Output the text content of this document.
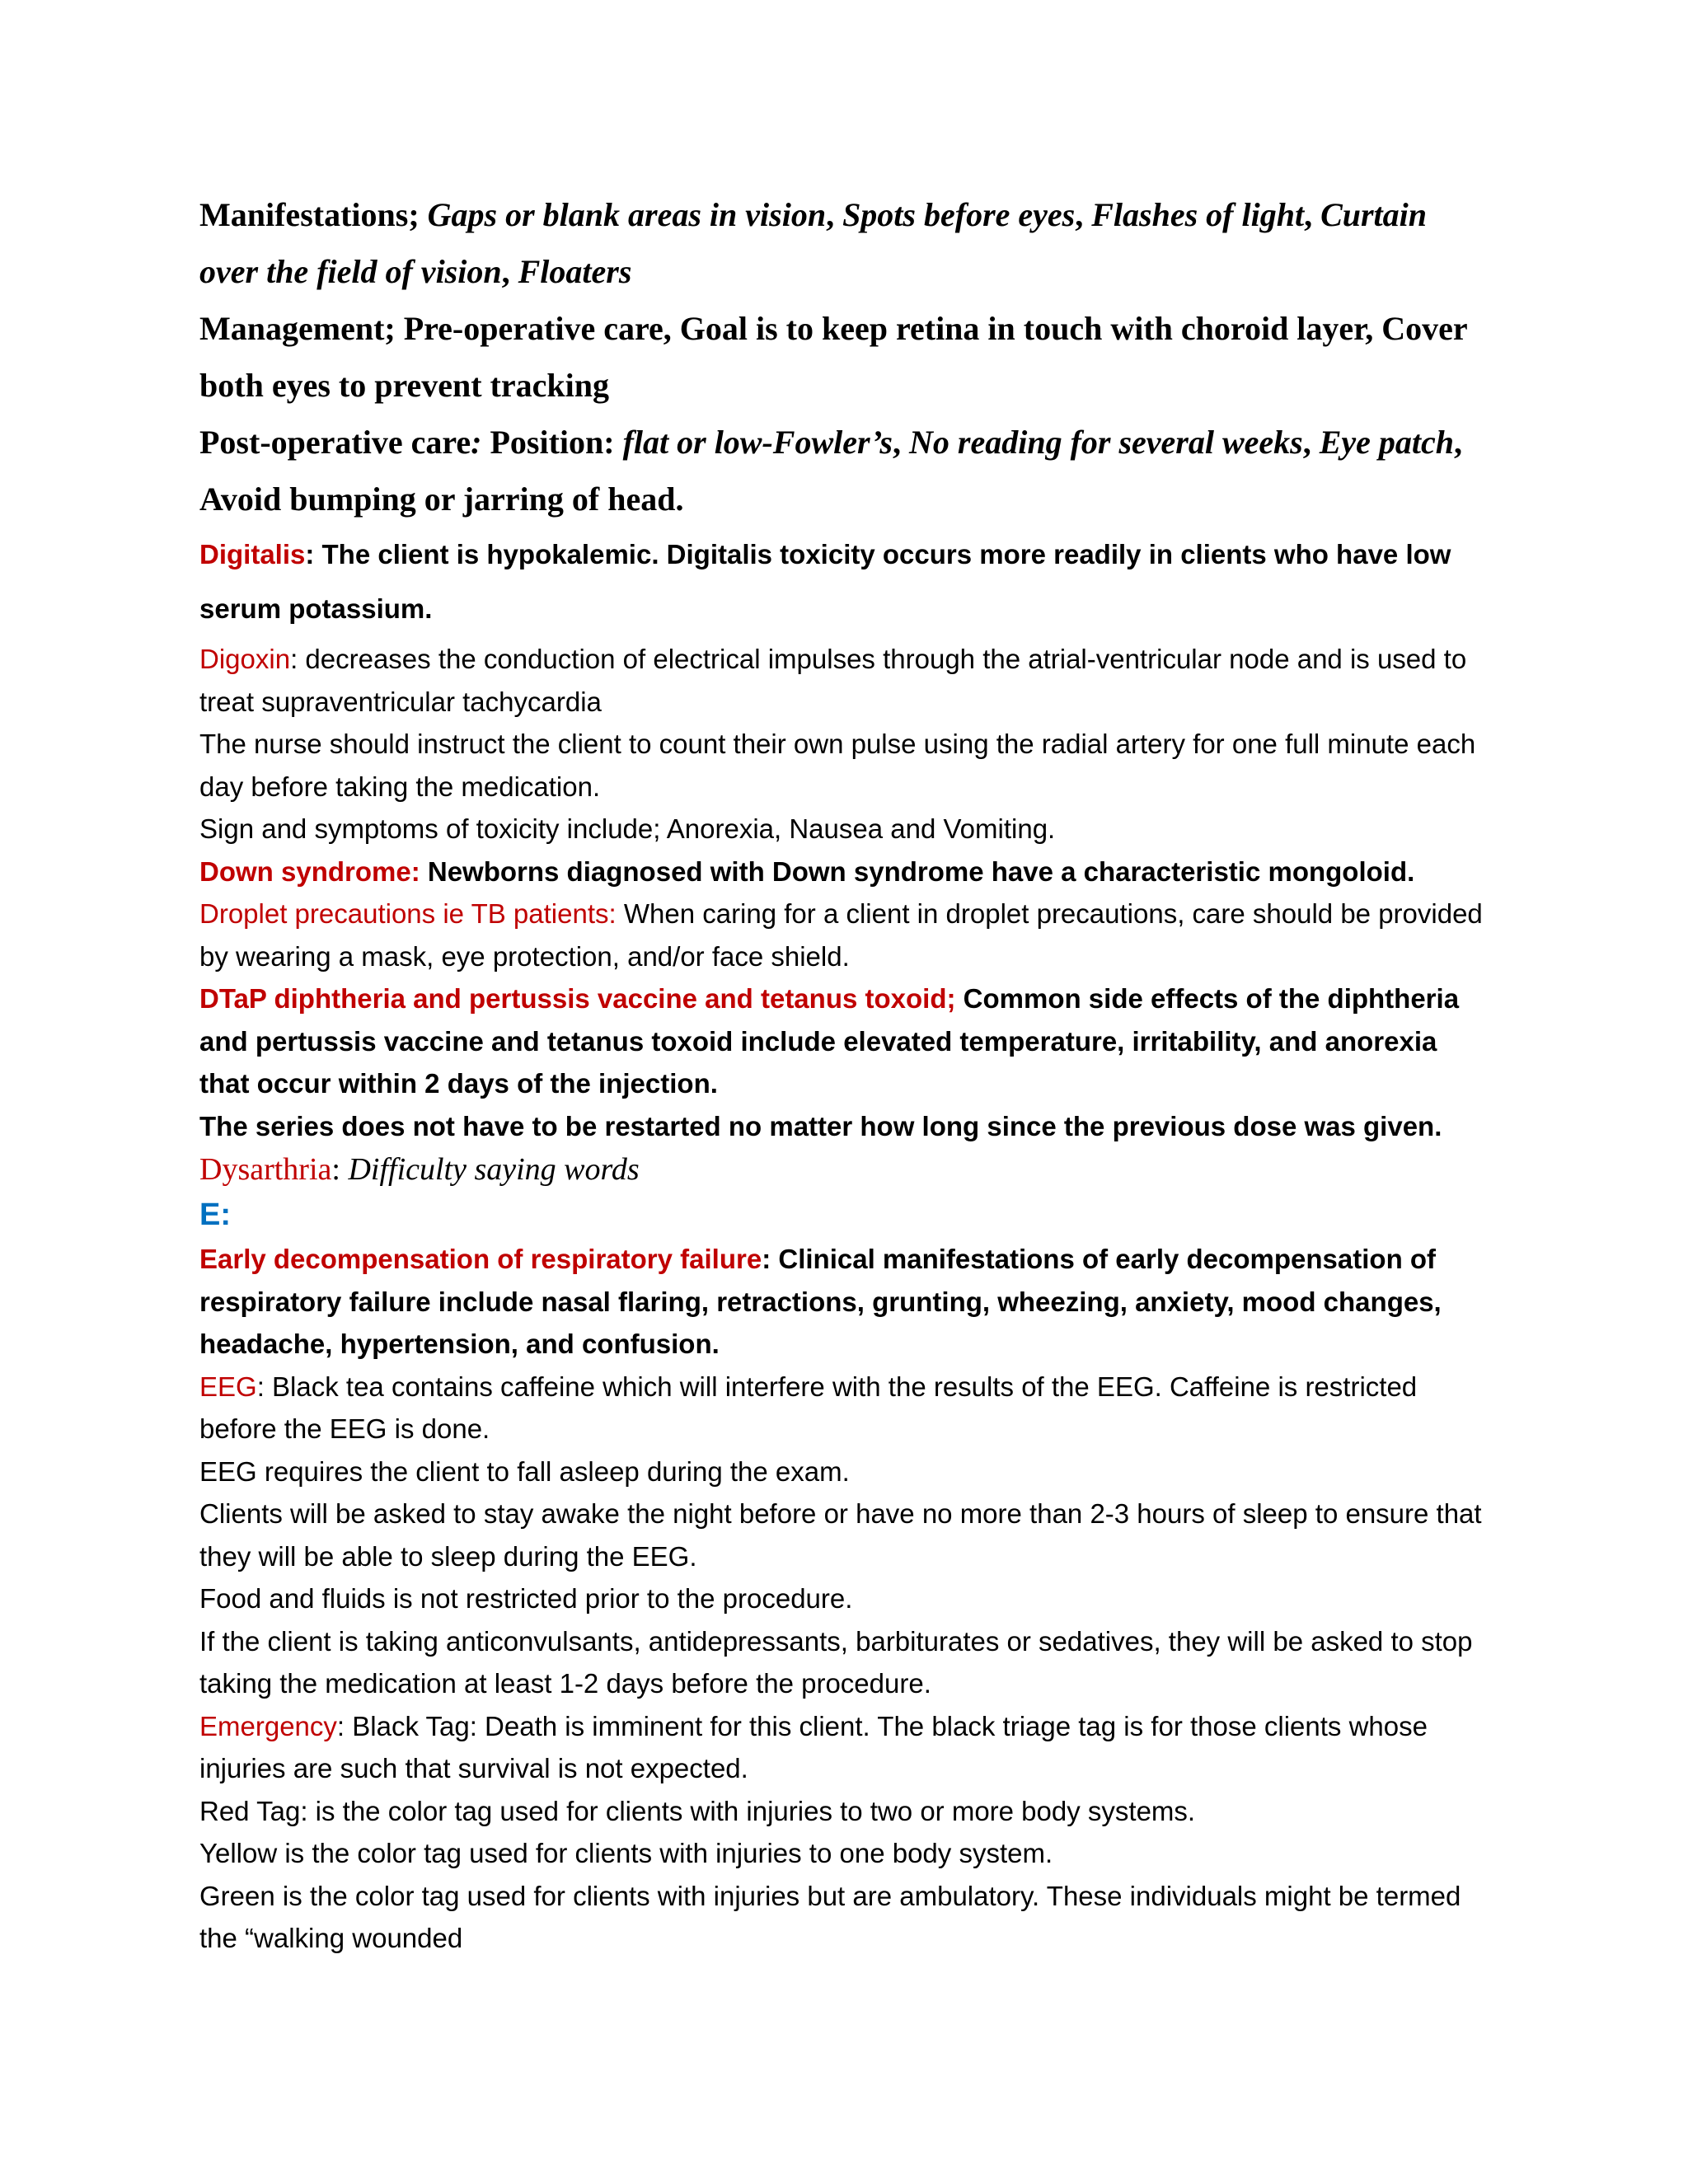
Manifestations; Gaps or blank areas in vision, Spots before eyes, Flashes of light, Curtain over the field of vision, Floaters

Management; Pre-operative care, Goal is to keep retina in touch with choroid layer, Cover both eyes to prevent tracking

Post-operative care: Position: flat or low-Fowler’s, No reading for several weeks, Eye patch, Avoid bumping or jarring of head.

Digitalis: The client is hypokalemic. Digitalis toxicity occurs more readily in clients who have low serum potassium.

Digoxin: decreases the conduction of electrical impulses through the atrial-ventricular node and is used to treat supraventricular tachycardia

The nurse should instruct the client to count their own pulse using the radial artery for one full minute each day before taking the medication.

Sign and symptoms of toxicity include; Anorexia, Nausea and Vomiting.

Down syndrome: Newborns diagnosed with Down syndrome have a characteristic mongoloid.

Droplet precautions ie TB patients: When caring for a client in droplet precautions, care should be provided by wearing a mask, eye protection, and/or face shield.

DTaP diphtheria and pertussis vaccine and tetanus toxoid; Common side effects of the diphtheria and pertussis vaccine and tetanus toxoid include elevated temperature, irritability, and anorexia that occur within 2 days of the injection.

The series does not have to be restarted no matter how long since the previous dose was given.

Dysarthria: Difficulty saying words

E:

Early decompensation of respiratory failure: Clinical manifestations of early decompensation of respiratory failure include nasal flaring, retractions, grunting, wheezing, anxiety, mood changes, headache, hypertension, and confusion.

EEG: Black tea contains caffeine which will interfere with the results of the EEG. Caffeine is restricted before the EEG is done.

EEG requires the client to fall asleep during the exam.

Clients will be asked to stay awake the night before or have no more than 2-3 hours of sleep to ensure that they will be able to sleep during the EEG.

Food and fluids is not restricted prior to the procedure.

If the client is taking anticonvulsants, antidepressants, barbiturates or sedatives, they will be asked to stop taking the medication at least 1-2 days before the procedure.

Emergency: Black Tag: Death is imminent for this client. The black triage tag is for those clients whose injuries are such that survival is not expected.

Red Tag: is the color tag used for clients with injuries to two or more body systems.

Yellow is the color tag used for clients with injuries to one body system.

Green is the color tag used for clients with injuries but are ambulatory. These individuals might be termed the “walking wounded
